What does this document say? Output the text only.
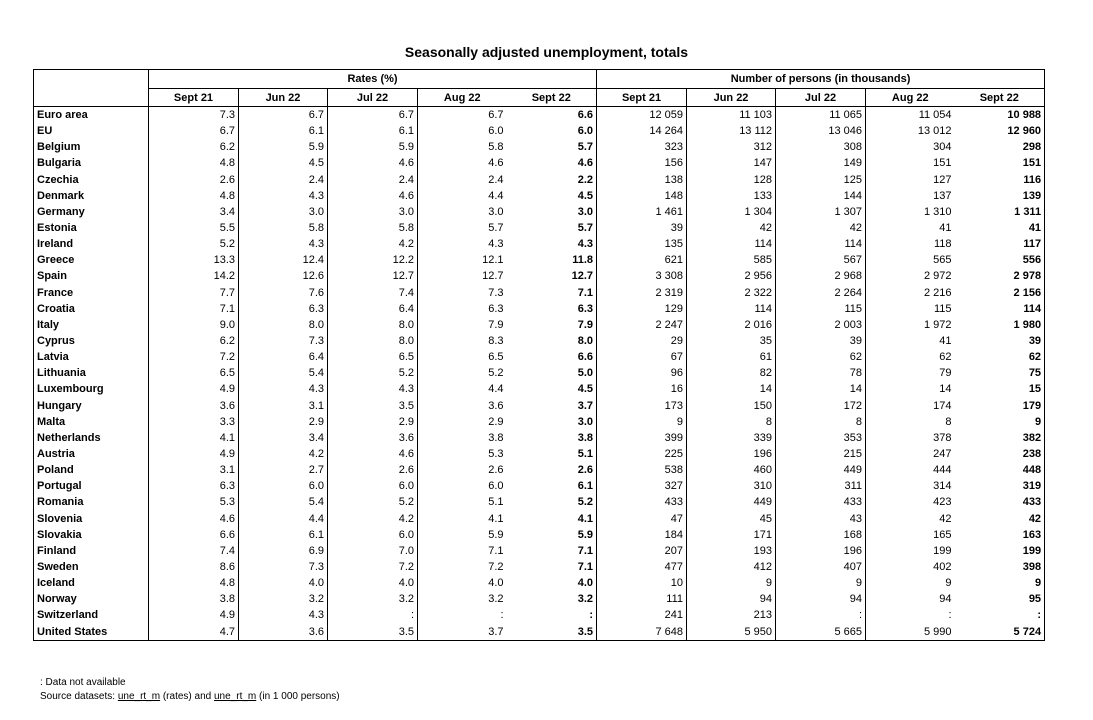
Seasonally adjusted unemployment, totals
	Rates (%)					Number of persons (in thousands)				
	Sept 21	Jun 22	Jul 22	Aug 22	Sept 22	Sept 21	Jun 22	Jul 22	Aug 22	Sept 22
Euro area	7.3	6.7	6.7	6.7	6.6	12 059	11 103	11 065	11 054	10 988
EU	6.7	6.1	6.1	6.0	6.0	14 264	13 112	13 046	13 012	12 960
Belgium	6.2	5.9	5.9	5.8	5.7	323	312	308	304	298
Bulgaria	4.8	4.5	4.6	4.6	4.6	156	147	149	151	151
Czechia	2.6	2.4	2.4	2.4	2.2	138	128	125	127	116
Denmark	4.8	4.3	4.6	4.4	4.5	148	133	144	137	139
Germany	3.4	3.0	3.0	3.0	3.0	1 461	1 304	1 307	1 310	1 311
Estonia	5.5	5.8	5.8	5.7	5.7	39	42	42	41	41
Ireland	5.2	4.3	4.2	4.3	4.3	135	114	114	118	117
Greece	13.3	12.4	12.2	12.1	11.8	621	585	567	565	556
Spain	14.2	12.6	12.7	12.7	12.7	3 308	2 956	2 968	2 972	2 978
France	7.7	7.6	7.4	7.3	7.1	2 319	2 322	2 264	2 216	2 156
Croatia	7.1	6.3	6.4	6.3	6.3	129	114	115	115	114
Italy	9.0	8.0	8.0	7.9	7.9	2 247	2 016	2 003	1 972	1 980
Cyprus	6.2	7.3	8.0	8.3	8.0	29	35	39	41	39
Latvia	7.2	6.4	6.5	6.5	6.6	67	61	62	62	62
Lithuania	6.5	5.4	5.2	5.2	5.0	96	82	78	79	75
Luxembourg	4.9	4.3	4.3	4.4	4.5	16	14	14	14	15
Hungary	3.6	3.1	3.5	3.6	3.7	173	150	172	174	179
Malta	3.3	2.9	2.9	2.9	3.0	9	8	8	8	9
Netherlands	4.1	3.4	3.6	3.8	3.8	399	339	353	378	382
Austria	4.9	4.2	4.6	5.3	5.1	225	196	215	247	238
Poland	3.1	2.7	2.6	2.6	2.6	538	460	449	444	448
Portugal	6.3	6.0	6.0	6.0	6.1	327	310	311	314	319
Romania	5.3	5.4	5.2	5.1	5.2	433	449	433	423	433
Slovenia	4.6	4.4	4.2	4.1	4.1	47	45	43	42	42
Slovakia	6.6	6.1	6.0	5.9	5.9	184	171	168	165	163
Finland	7.4	6.9	7.0	7.1	7.1	207	193	196	199	199
Sweden	8.6	7.3	7.2	7.2	7.1	477	412	407	402	398
Iceland	4.8	4.0	4.0	4.0	4.0	10	9	9	9	9
Norway	3.8	3.2	3.2	3.2	3.2	111	94	94	94	95
Switzerland	4.9	4.3	:	:	:	241	213	:	:	:
United States	4.7	3.6	3.5	3.7	3.5	7 648	5 950	5 665	5 990	5 724
: Data not available
Source datasets: une_rt_m (rates) and une_rt_m (in 1 000 persons)
